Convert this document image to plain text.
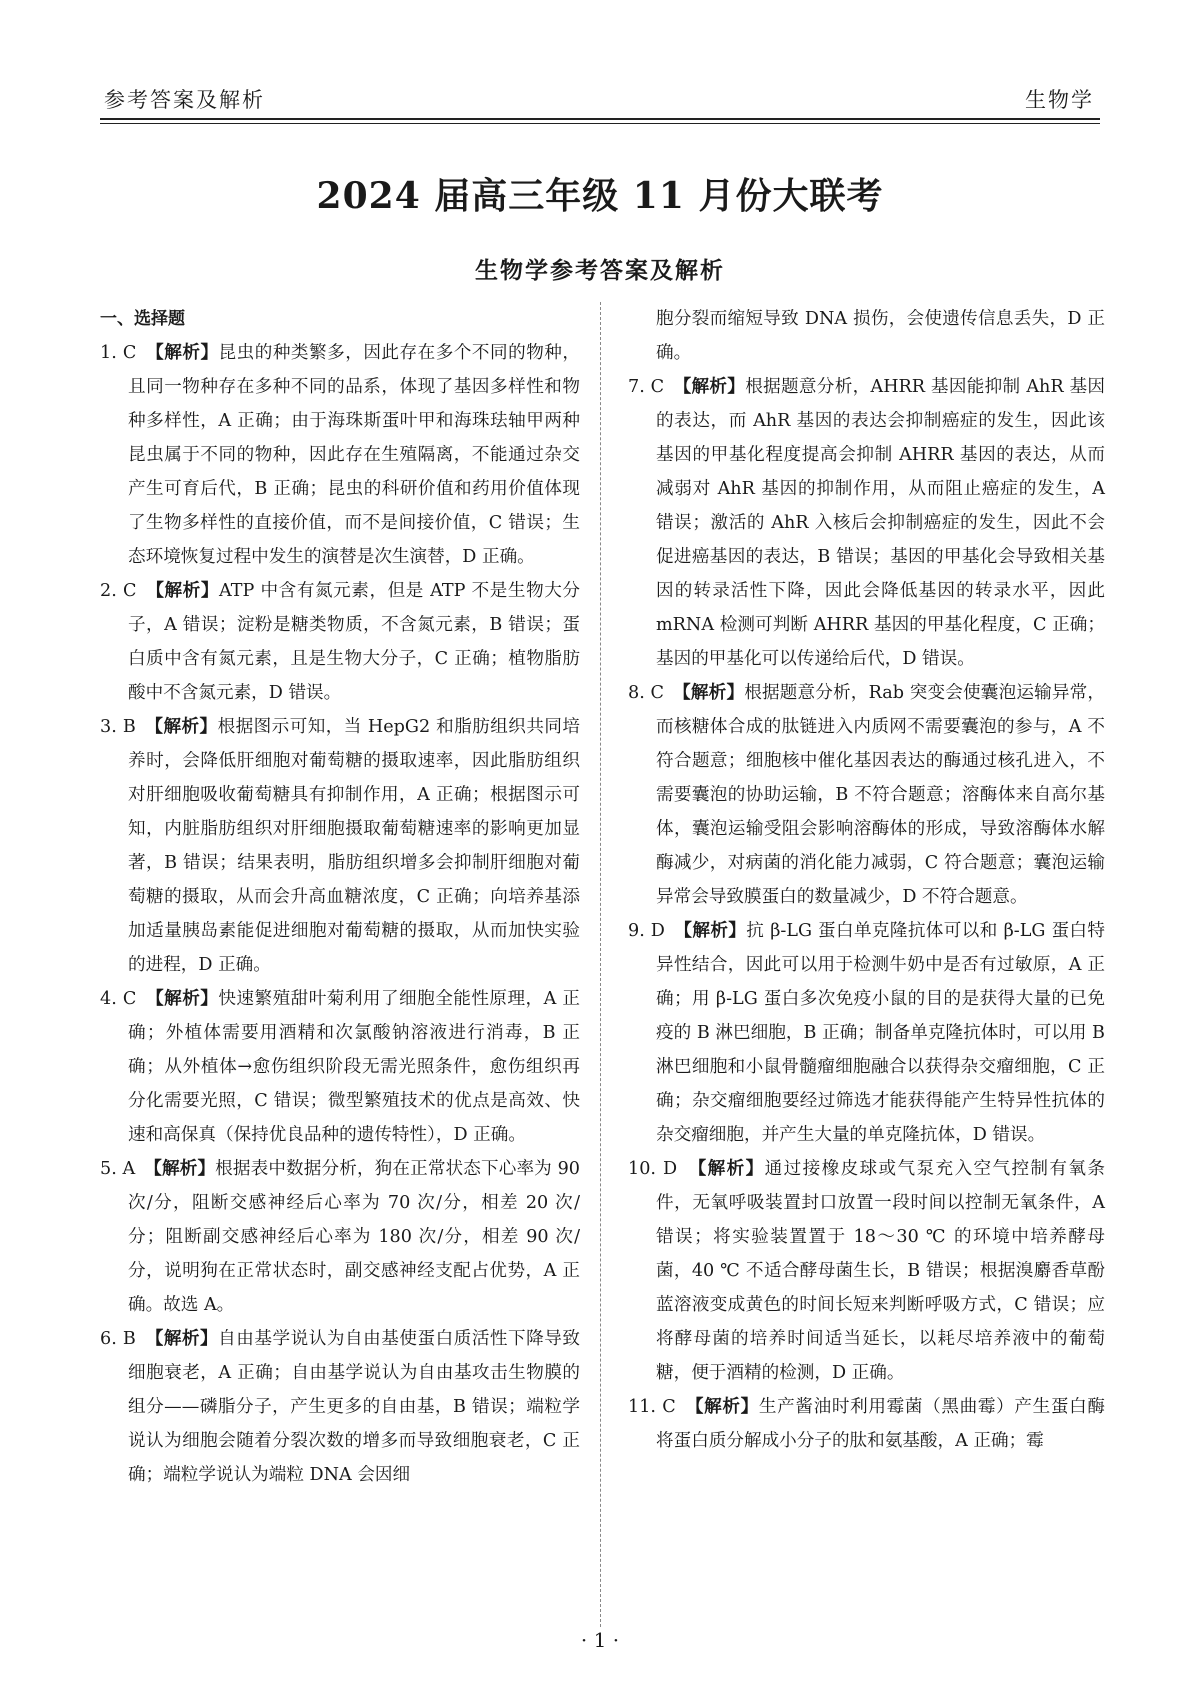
参考答案及解析	生物学
2024 届高三年级 11 月份大联考
生物学参考答案及解析
一、选择题

1. C　 【解析】昆虫的种类繁多，因此存在多个不同的物种，且同一物种存在多种不同的品系，体现了基因多样性和物种多样性，A 正确；由于海珠斯蛋叶甲和海珠珐轴甲两种昆虫属于不同的物种，因此存在生殖隔离，不能通过杂交产生可育后代，B 正确；昆虫的科研价值和药用价值体现了生物多样性的直接价值，而不是间接价值，C 错误；生态环境恢复过程中发生的演替是次生演替，D 正确。

2. C　 【解析】ATP 中含有氮元素，但是 ATP 不是生物大分子，A 错误；淀粉是糖类物质，不含氮元素，B 错误；蛋白质中含有氮元素，且是生物大分子，C 正确；植物脂肪酸中不含氮元素，D 错误。

3. B　 【解析】根据图示可知，当 HepG2 和脂肪组织共同培养时，会降低肝细胞对葡萄糖的摄取速率，因此脂肪组织对肝细胞吸收葡萄糖具有抑制作用，A 正确；根据图示可知，内脏脂肪组织对肝细胞摄取葡萄糖速率的影响更加显著，B 错误；结果表明，脂肪组织增多会抑制肝细胞对葡萄糖的摄取，从而会升高血糖浓度，C 正确；向培养基添加适量胰岛素能促进细胞对葡萄糖的摄取，从而加快实验的进程，D 正确。

4. C　 【解析】快速繁殖甜叶菊利用了细胞全能性原理，A 正确；外植体需要用酒精和次氯酸钠溶液进行消毒，B 正确；从外植体→愈伤组织阶段无需光照条件，愈伤组织再分化需要光照，C 错误；微型繁殖技术的优点是高效、快速和高保真（保持优良品种的遗传特性），D 正确。

5. A　 【解析】根据表中数据分析，狗在正常状态下心率为 90 次/分，阻断交感神经后心率为 70 次/分，相差 20 次/分；阻断副交感神经后心率为 180 次/分，相差 90 次/分，说明狗在正常状态时，副交感神经支配占优势，A 正确。故选 A。

6. B　 【解析】自由基学说认为自由基使蛋白质活性下降导致细胞衰老，A 正确；自由基学说认为自由基攻击生物膜的组分——磷脂分子，产生更多的自由基，B 错误；端粒学说认为细胞会随着分裂次数的增多而导致细胞衰老，C 正确；端粒学说认为端粒 DNA 会因细

胞分裂而缩短导致 DNA 损伤，会使遗传信息丢失，D 正确。

7. C　 【解析】根据题意分析，AHRR 基因能抑制 AhR 基因的表达，而 AhR 基因的表达会抑制癌症的发生，因此该基因的甲基化程度提高会抑制 AHRR 基因的表达，从而减弱对 AhR 基因的抑制作用，从而阻止癌症的发生，A 错误；激活的 AhR 入核后会抑制癌症的发生，因此不会促进癌基因的表达，B 错误；基因的甲基化会导致相关基因的转录活性下降，因此会降低基因的转录水平，因此 mRNA 检测可判断 AHRR 基因的甲基化程度，C 正确；基因的甲基化可以传递给后代，D 错误。

8. C　 【解析】根据题意分析，Rab 突变会使囊泡运输异常，而核糖体合成的肽链进入内质网不需要囊泡的参与，A 不符合题意；细胞核中催化基因表达的酶通过核孔进入，不需要囊泡的协助运输，B 不符合题意；溶酶体来自高尔基体，囊泡运输受阻会影响溶酶体的形成，导致溶酶体水解酶减少，对病菌的消化能力减弱，C 符合题意；囊泡运输异常会导致膜蛋白的数量减少，D 不符合题意。

9. D　 【解析】抗 β-LG 蛋白单克隆抗体可以和 β-LG 蛋白特异性结合，因此可以用于检测牛奶中是否有过敏原，A 正确；用 β-LG 蛋白多次免疫小鼠的目的是获得大量的已免疫的 B 淋巴细胞，B 正确；制备单克隆抗体时，可以用 B 淋巴细胞和小鼠骨髓瘤细胞融合以获得杂交瘤细胞，C 正确；杂交瘤细胞要经过筛选才能获得能产生特异性抗体的杂交瘤细胞，并产生大量的单克隆抗体，D 错误。

10. D　 【解析】通过接橡皮球或气泵充入空气控制有氧条件，无氧呼吸装置封口放置一段时间以控制无氧条件，A 错误；将实验装置置于 18～30 ℃ 的环境中培养酵母菌，40 ℃ 不适合酵母菌生长，B 错误；根据溴麝香草酚蓝溶液变成黄色的时间长短来判断呼吸方式，C 错误；应将酵母菌的培养时间适当延长，以耗尽培养液中的葡萄糖，便于酒精的检测，D 正确。

11. C　 【解析】生产酱油时利用霉菌（黑曲霉）产生蛋白酶将蛋白质分解成小分子的肽和氨基酸，A 正确；霉

· 1 ·
